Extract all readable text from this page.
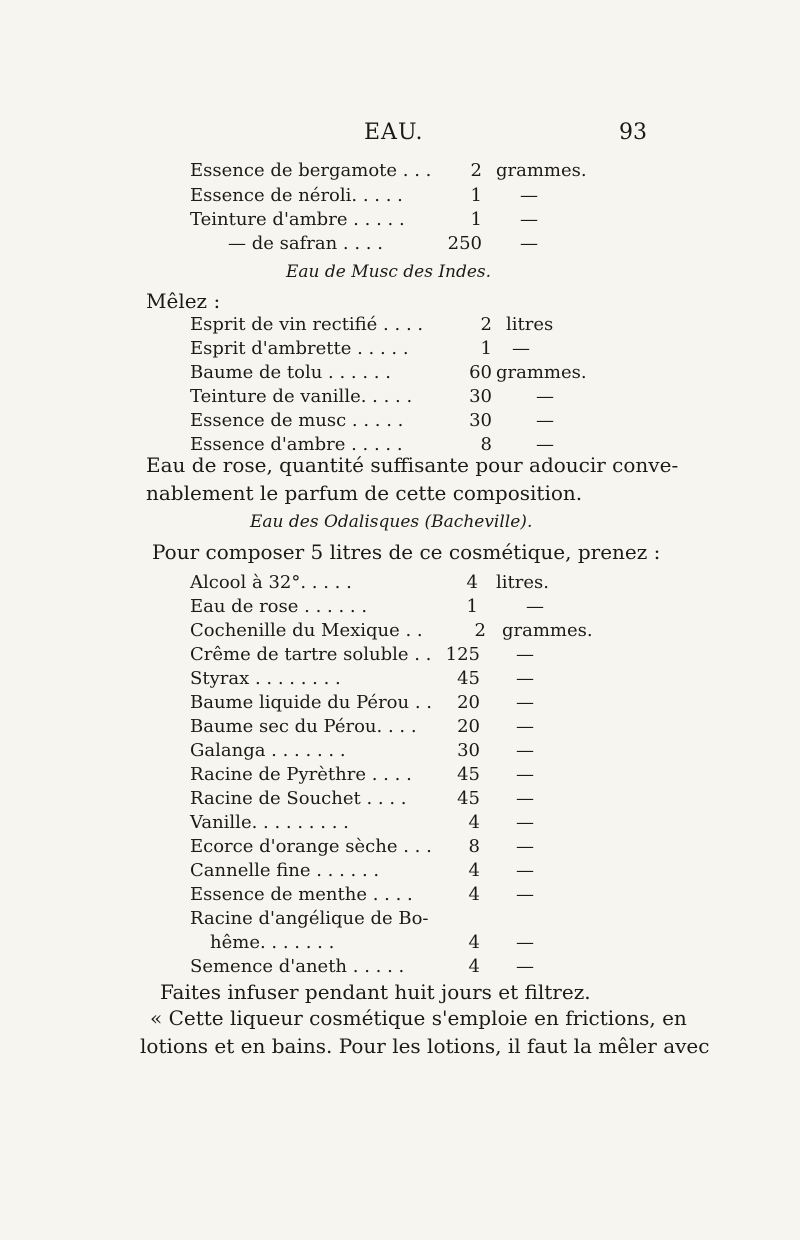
EAU.	93
Essence de bergamote . . .	2 grammes.
Essence de néroli. . . . .	1 —
Teinture d'ambre . . . . .	1 —
— de safran . . . .	250 —
Eau de Musc des Indes.
Mêlez :
Esprit de vin rectifié . . . .	2 litres
Esprit d'ambrette . . . . .	1 —
Baume de tolu . . . . . .	60 grammes.
Teinture de vanille. . . . .	30 —
Essence de musc . . . . .	30 —
Essence d'ambre . . . . .	8 —
Eau de rose, quantité suffisante pour adoucir conve-
nablement le parfum de cette composition.
Eau des Odalisques (Bacheville).
Pour composer 5 litres de ce cosmétique, prenez :
Alcool à 32°. . . . .	4 litres.
Eau de rose . . . . . .	1	—
Cochenille du Mexique . .	2 grammes.
Crême de tartre soluble . . 125 —
Styrax . . . . . . . .	45 —
Baume liquide du Pérou . .	20 —
Baume sec du Pérou. . . .	20 —
Galanga . . . . . . .	30 —
Racine de Pyrèthre . . . .	45 —
Racine de Souchet . . . .	45 —
Vanille. . . . . . . . .	4 —
Ecorce d'orange sèche . . .	8 —
Cannelle fine . . . . . .	4 —
Essence de menthe . . . .	4 —
Racine d'angélique de Bo-
hême. . . . . . .	4 —
Semence d'aneth . . . . .	4 —
Faites infuser pendant huit jours et filtrez.
« Cette liqueur cosmétique s'emploie en frictions, en
lotions et en bains. Pour les lotions, il faut la mêler avec
